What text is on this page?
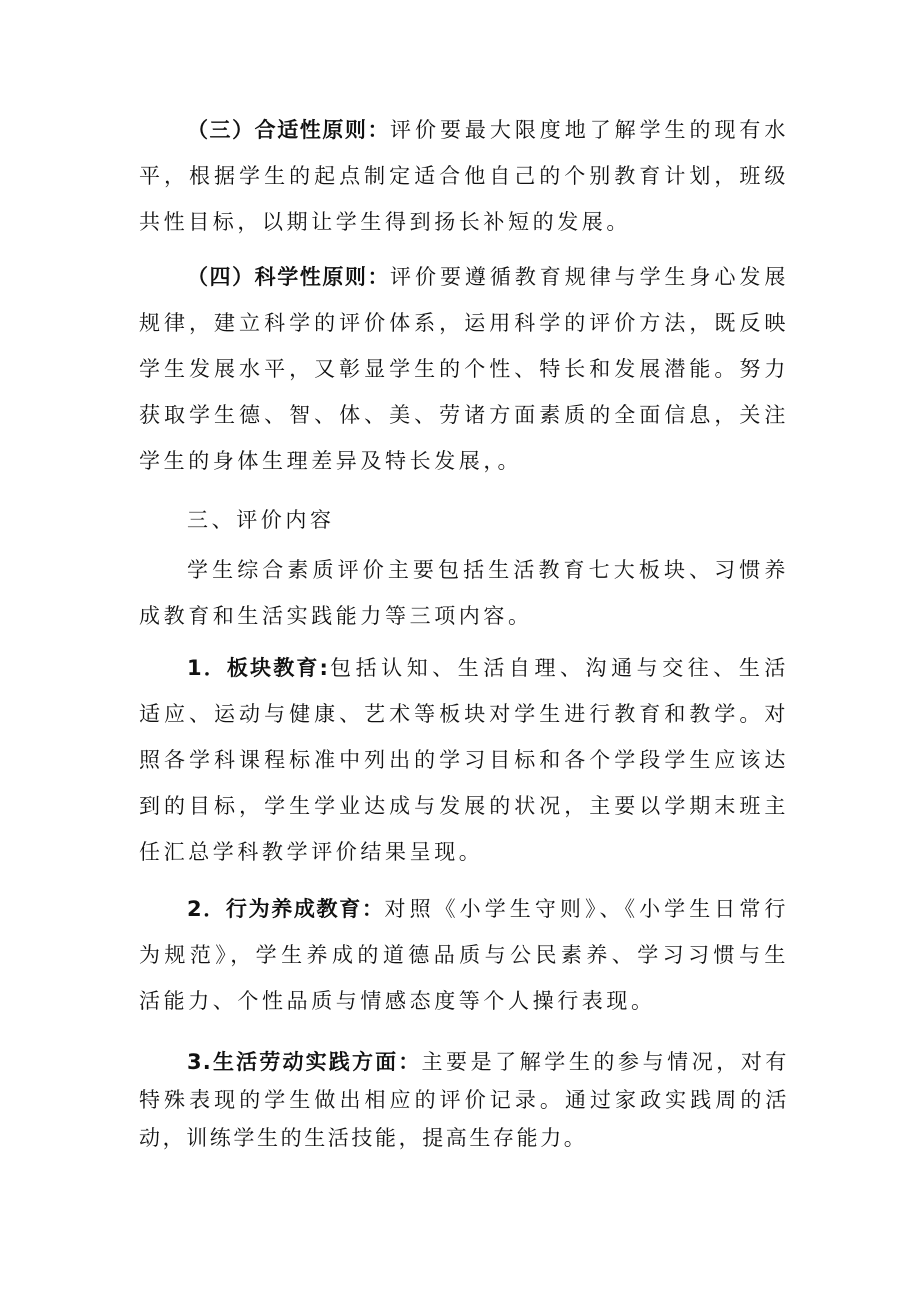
（三）合适性原则：评价要最大限度地了解学生的现有水平，根据学生的起点制定适合他自己的个别教育计划，班级共性目标，以期让学生得到扬长补短的发展。

（四）科学性原则：评价要遵循教育规律与学生身心发展规律，建立科学的评价体系，运用科学的评价方法，既反映学生发展水平，又彰显学生的个性、特长和发展潜能。努力获取学生德、智、体、美、劳诸方面素质的全面信息，关注学生的身体生理差异及特长发展，。

三、评价内容

学生综合素质评价主要包括生活教育七大板块、习惯养成教育和生活实践能力等三项内容。

1．板块教育:包括认知、生活自理、沟通与交往、生活适应、运动与健康、艺术等板块对学生进行教育和教学。对照各学科课程标准中列出的学习目标和各个学段学生应该达到的目标，学生学业达成与发展的状况，主要以学期末班主任汇总学科教学评价结果呈现。

2．行为养成教育：对照《小学生守则》、《小学生日常行为规范》，学生养成的道德品质与公民素养、学习习惯与生活能力、个性品质与情感态度等个人操行表现。

3.生活劳动实践方面：主要是了解学生的参与情况，对有特殊表现的学生做出相应的评价记录。通过家政实践周的活动，训练学生的生活技能，提高生存能力。
